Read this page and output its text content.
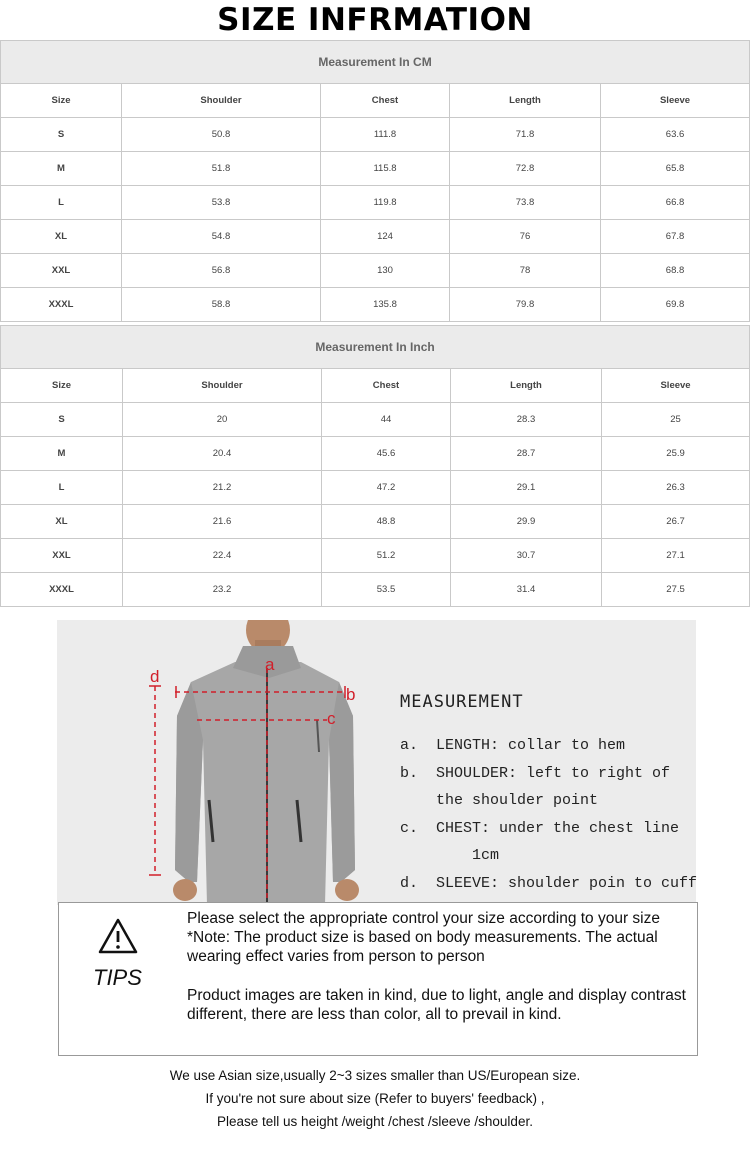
SIZE INFRMATION
Measurement In CM				
Size	Shoulder	Chest	Length	Sleeve
S	50.8	111.8	71.8	63.6
M	51.8	115.8	72.8	65.8
L	53.8	119.8	73.8	66.8
XL	54.8	124	76	67.8
XXL	56.8	130	78	68.8
XXXL	58.8	135.8	79.8	69.8
Measurement In Inch				
Size	Shoulder	Chest	Length	Sleeve
S	20	44	28.3	25
M	20.4	45.6	28.7	25.9
L	21.2	47.2	29.1	26.3
XL	21.6	48.8	29.9	26.7
XXL	22.4	51.2	30.7	27.1
XXXL	23.2	53.5	31.4	27.5
a
b
c
d
MEASUREMENT
a.  LENGTH: collar to hem
b.  SHOULDER: left to right of
the shoulder point
c.  CHEST: under the chest line
1cm
d.  SLEEVE: shoulder poin to cuff
TIPS

Please select the appropriate control your size according to your size *Note: The product size is based on body measurements. The actual wearing effect varies from person to person

Product images are taken in kind, due to light, angle and display contrast different, there are less than color, all to prevail in kind.

We use Asian size,usually 2~3 sizes smaller than US/European size.
If you're not sure about size (Refer to buyers' feedback) ,
Please tell us height /weight /chest /sleeve /shoulder.
